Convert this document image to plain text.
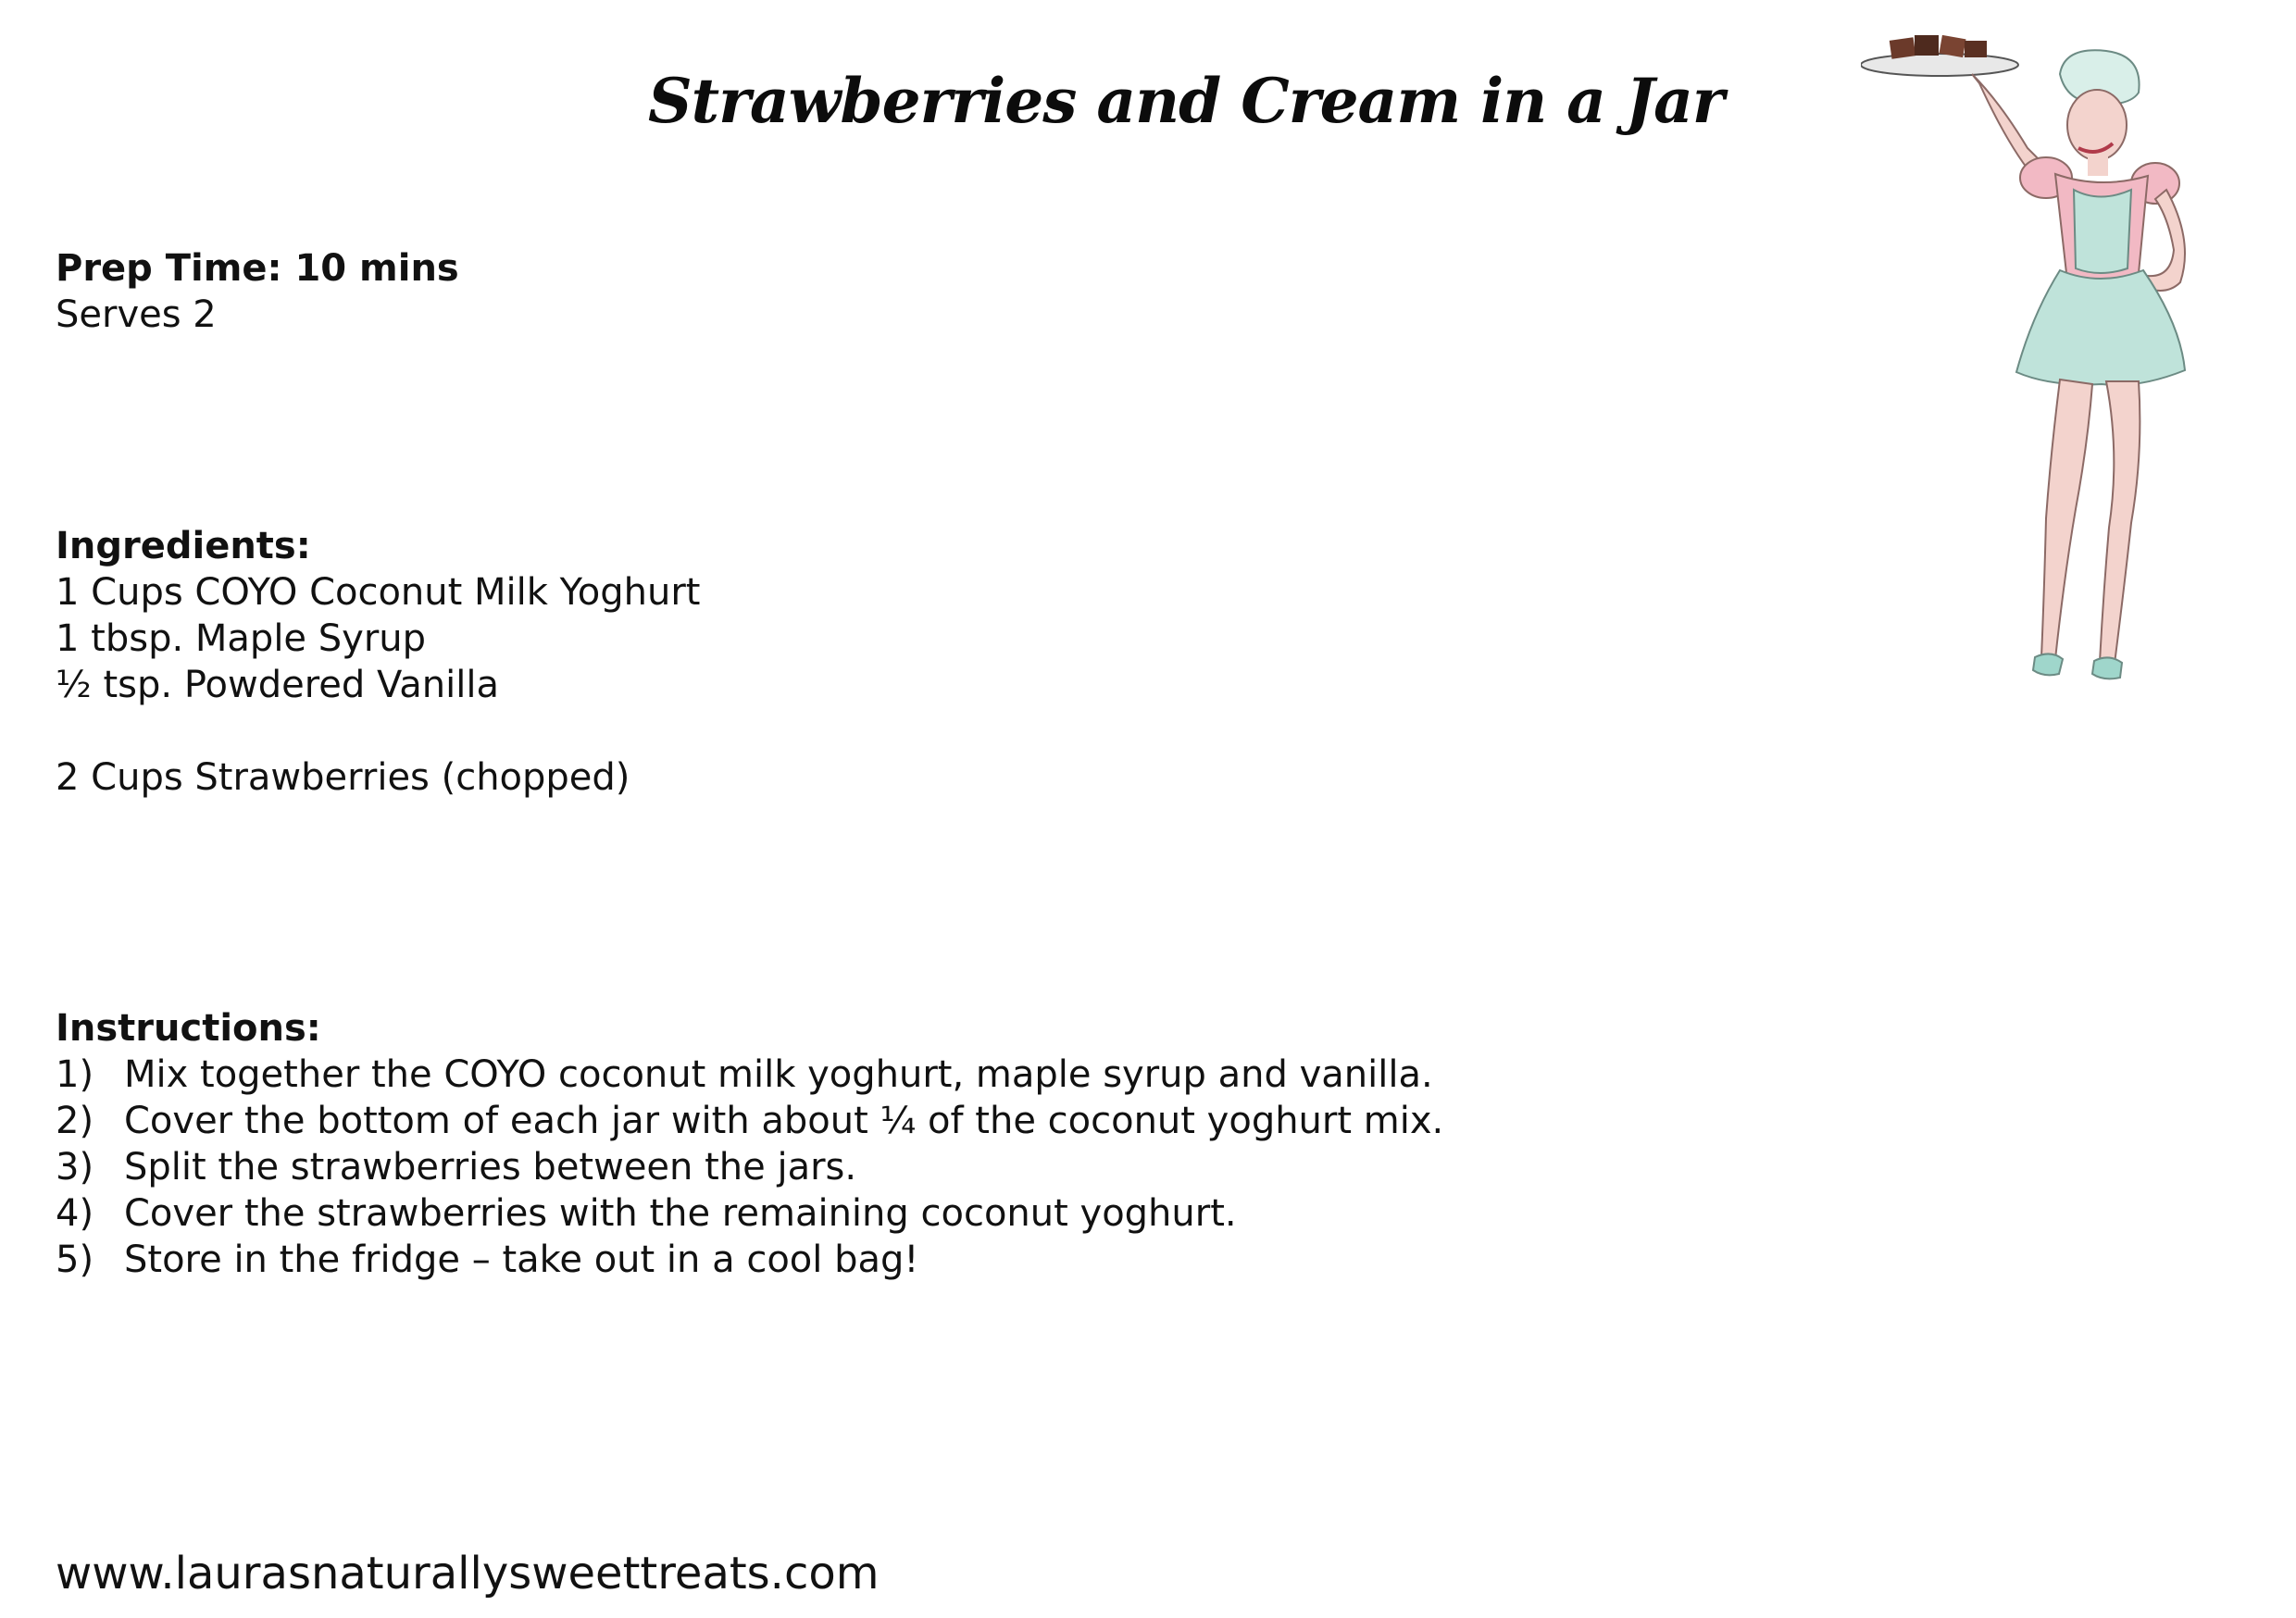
Strawberries and Cream in a Jar
Prep Time: 10 mins
Serves 2
Ingredients:
1 Cups COYO Coconut Milk Yoghurt
1 tbsp. Maple Syrup
½ tsp. Powdered Vanilla
2 Cups Strawberries (chopped)
Instructions:
1) Mix together the COYO coconut milk yoghurt, maple syrup and vanilla.
2) Cover the bottom of each jar with about ¼ of the coconut yoghurt mix.
3) Split the strawberries between the jars.
4) Cover the strawberries with the remaining coconut yoghurt.
5) Store in the fridge – take out in a cool bag!
www.laurasnaturallysweettreats.com
